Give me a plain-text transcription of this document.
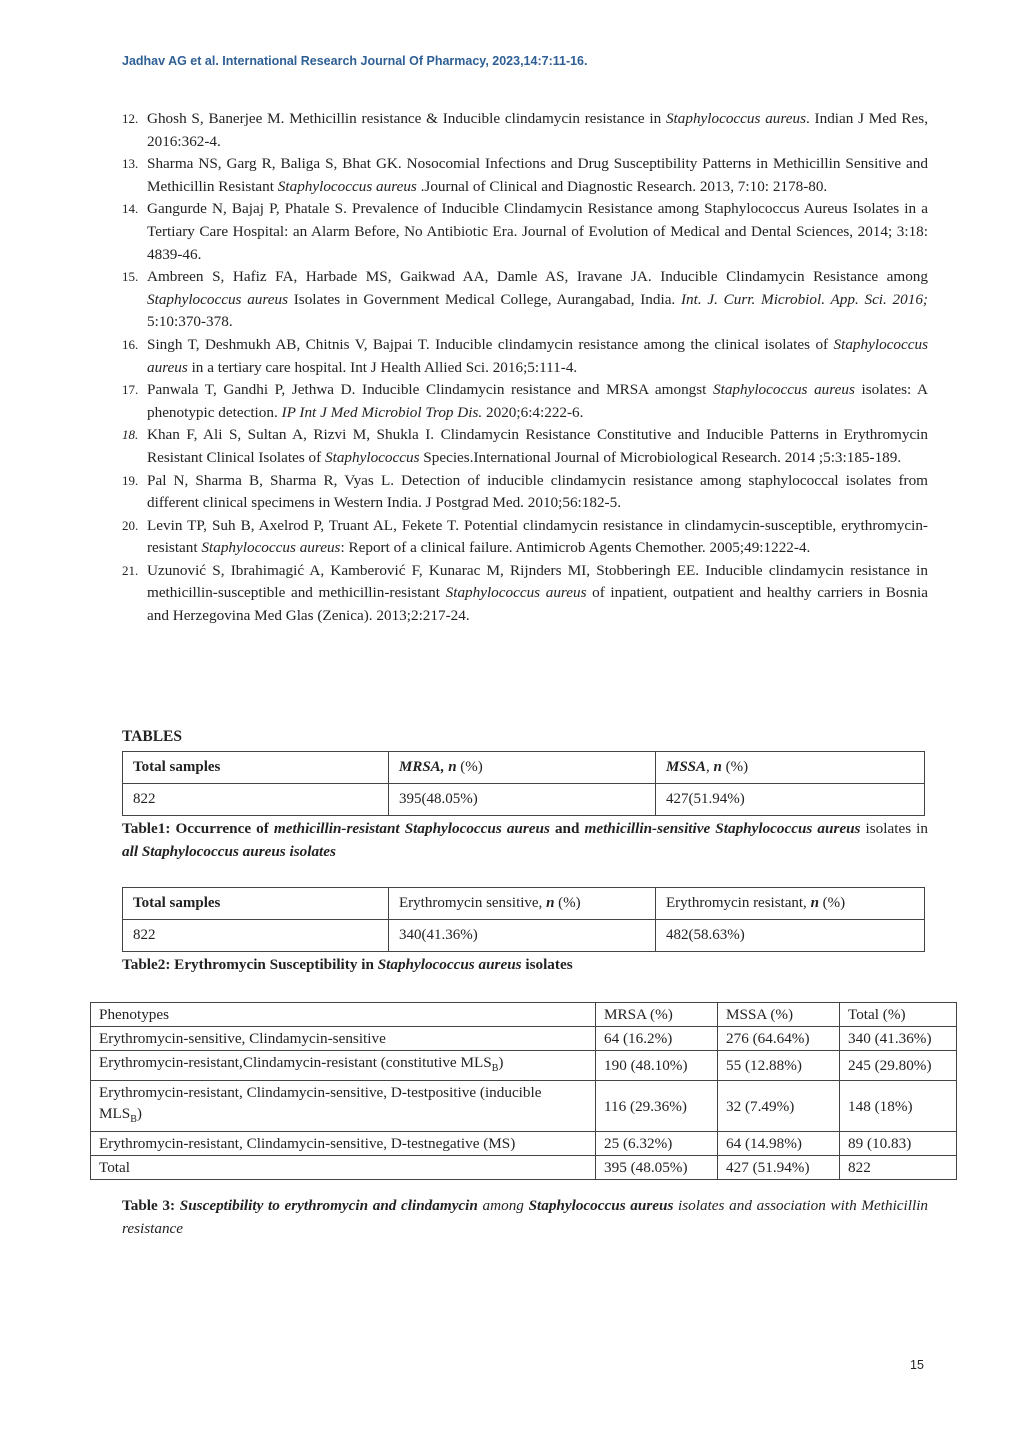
Jadhav AG et al. International Research Journal Of Pharmacy, 2023,14:7:11-16.
12. Ghosh S, Banerjee M. Methicillin resistance & Inducible clindamycin resistance in Staphylococcus aureus. Indian J Med Res, 2016:362-4.
13. Sharma NS, Garg R, Baliga S, Bhat GK. Nosocomial Infections and Drug Susceptibility Patterns in Methicillin Sensitive and Methicillin Resistant Staphylococcus aureus .Journal of Clinical and Diagnostic Research. 2013, 7:10: 2178-80.
14. Gangurde N, Bajaj P, Phatale S. Prevalence of Inducible Clindamycin Resistance among Staphylococcus Aureus Isolates in a Tertiary Care Hospital: an Alarm Before, No Antibiotic Era. Journal of Evolution of Medical and Dental Sciences, 2014; 3:18: 4839-46.
15. Ambreen S, Hafiz FA, Harbade MS, Gaikwad AA, Damle AS, Iravane JA. Inducible Clindamycin Resistance among Staphylococcus aureus Isolates in Government Medical College, Aurangabad, India. Int. J. Curr. Microbiol. App. Sci. 2016; 5:10:370-378.
16. Singh T, Deshmukh AB, Chitnis V, Bajpai T. Inducible clindamycin resistance among the clinical isolates of Staphylococcus aureus in a tertiary care hospital. Int J Health Allied Sci. 2016;5:111-4.
17. Panwala T, Gandhi P, Jethwa D. Inducible Clindamycin resistance and MRSA amongst Staphylococcus aureus isolates: A phenotypic detection. IP Int J Med Microbiol Trop Dis. 2020;6:4:222-6.
18. Khan F, Ali S, Sultan A, Rizvi M, Shukla I. Clindamycin Resistance Constitutive and Inducible Patterns in Erythromycin Resistant Clinical Isolates of Staphylococcus Species.International Journal of Microbiological Research. 2014 ;5:3:185-189.
19. Pal N, Sharma B, Sharma R, Vyas L. Detection of inducible clindamycin resistance among staphylococcal isolates from different clinical specimens in Western India. J Postgrad Med. 2010;56:182-5.
20. Levin TP, Suh B, Axelrod P, Truant AL, Fekete T. Potential clindamycin resistance in clindamycin-susceptible, erythromycin-resistant Staphylococcus aureus: Report of a clinical failure. Antimicrob Agents Chemother. 2005;49:1222-4.
21. Uzunović S, Ibrahimagić A, Kamberović F, Kunarac M, Rijnders MI, Stobberingh EE. Inducible clindamycin resistance in methicillin-susceptible and methicillin-resistant Staphylococcus aureus of inpatient, outpatient and healthy carriers in Bosnia and Herzegovina Med Glas (Zenica). 2013;2:217-24.
TABLES
Total samples	MRSA, n (%)	MSSA, n (%)
822	395(48.05%)	427(51.94%)
Table1: Occurrence of methicillin-resistant Staphylococcus aureus and methicillin-sensitive Staphylococcus aureus isolates in all Staphylococcus aureus isolates
Total samples	Erythromycin sensitive, n (%)	Erythromycin resistant, n (%)
822	340(41.36%)	482(58.63%)
Table2: Erythromycin Susceptibility in Staphylococcus aureus isolates
Phenotypes	MRSA (%)	MSSA (%)	Total (%)
Erythromycin-sensitive, Clindamycin-sensitive	64 (16.2%)	276 (64.64%)	340 (41.36%)
Erythromycin-resistant,Clindamycin-resistant (constitutive $MLS_B$)	190 (48.10%)	55 (12.88%)	245 (29.80%)
Erythromycin-resistant, Clindamycin-sensitive, D-testpositive (inducible $MLS_B$)	116 (29.36%)	32 (7.49%)	148 (18%)
Erythromycin-resistant, Clindamycin-sensitive, D-testnegative (MS)	25 (6.32%)	64 (14.98%)	89 (10.83)
Total	395 (48.05%)	427 (51.94%)	822
Table 3: Susceptibility to erythromycin and clindamycin among Staphylococcus aureus isolates and association with Methicillin resistance
15
